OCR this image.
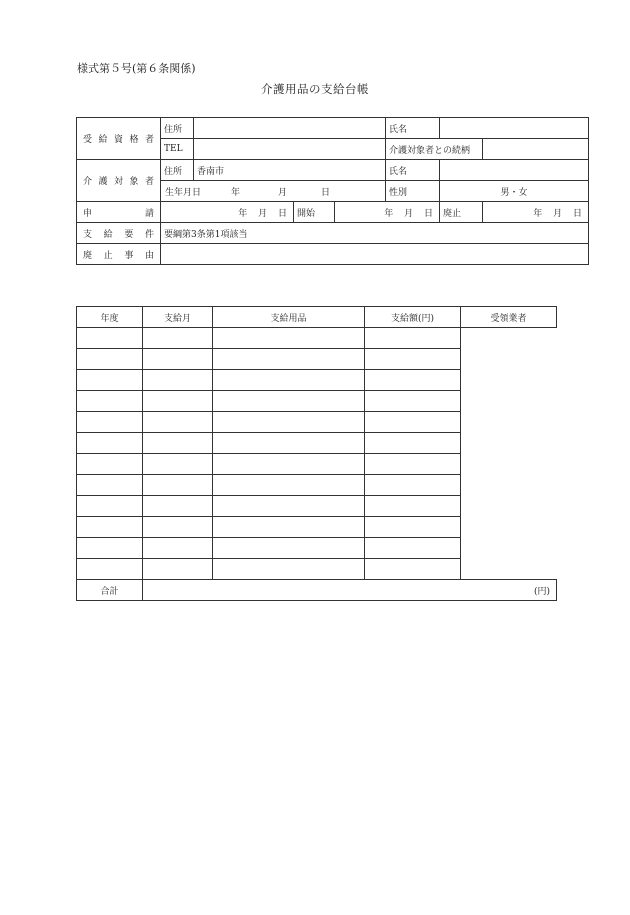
様式第５号(第６条関係)
介護用品の支給台帳
受給資格者	住所				氏名		
	TEL				介護対象者との続柄		
介護対象者	住所	香南市			氏名		
	生年月日 年 月 日				性別	男・女	
申請	年 月 日		開始	年 月 日		廃止	年 月 日
支給要件	要綱第3条第1項該当						
廃止事由							
年度	支給月	支給用品	支給額(円)	受領業者

合計	(円)			
